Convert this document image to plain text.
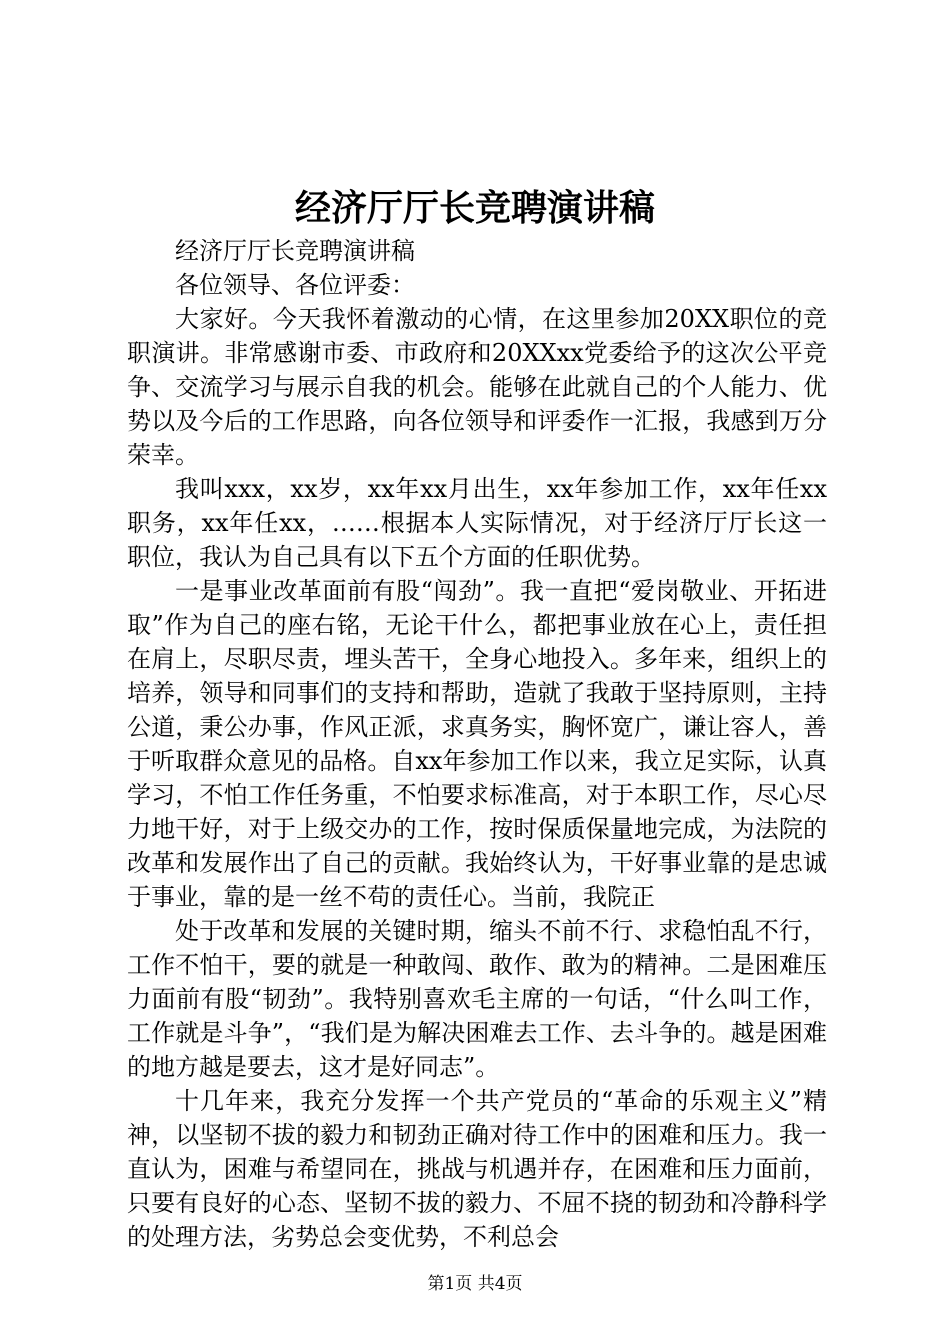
经济厅厅长竞聘演讲稿

经济厅厅长竞聘演讲稿

各位领导、各位评委：

大家好。今天我怀着激动的心情，在这里参加20XX职位的竞职演讲。非常感谢市委、市政府和20XXxx党委给予的这次公平竞争、交流学习与展示自我的机会。能够在此就自己的个人能力、优势以及今后的工作思路，向各位领导和评委作一汇报，我感到万分荣幸。

我叫xxx，xx岁，xx年xx月出生，xx年参加工作，xx年任xx职务，xx年任xx，……根据本人实际情况，对于经济厅厅长这一职位，我认为自己具有以下五个方面的任职优势。

一是事业改革面前有股“闯劲”。我一直把“爱岗敬业、开拓进取”作为自己的座右铭，无论干什么，都把事业放在心上，责任担在肩上，尽职尽责，埋头苦干，全身心地投入。多年来，组织上的培养，领导和同事们的支持和帮助，造就了我敢于坚持原则，主持公道，秉公办事，作风正派，求真务实，胸怀宽广，谦让容人，善于听取群众意见的品格。自xx年参加工作以来，我立足实际，认真学习，不怕工作任务重，不怕要求标准高，对于本职工作，尽心尽力地干好，对于上级交办的工作，按时保质保量地完成，为法院的改革和发展作出了自己的贡献。我始终认为，干好事业靠的是忠诚于事业，靠的是一丝不苟的责任心。当前，我院正

处于改革和发展的关键时期，缩头不前不行、求稳怕乱不行，工作不怕干，要的就是一种敢闯、敢作、敢为的精神。二是困难压力面前有股“韧劲”。我特别喜欢毛主席的一句话，“什么叫工作，工作就是斗争”，“我们是为解决困难去工作、去斗争的。越是困难的地方越是要去，这才是好同志”。

十几年来，我充分发挥一个共产党员的“革命的乐观主义”精神，以坚韧不拔的毅力和韧劲正确对待工作中的困难和压力。我一直认为，困难与希望同在，挑战与机遇并存，在困难和压力面前，只要有良好的心态、坚韧不拔的毅力、不屈不挠的韧劲和冷静科学的处理方法，劣势总会变优势，不利总会

第1页 共4页
